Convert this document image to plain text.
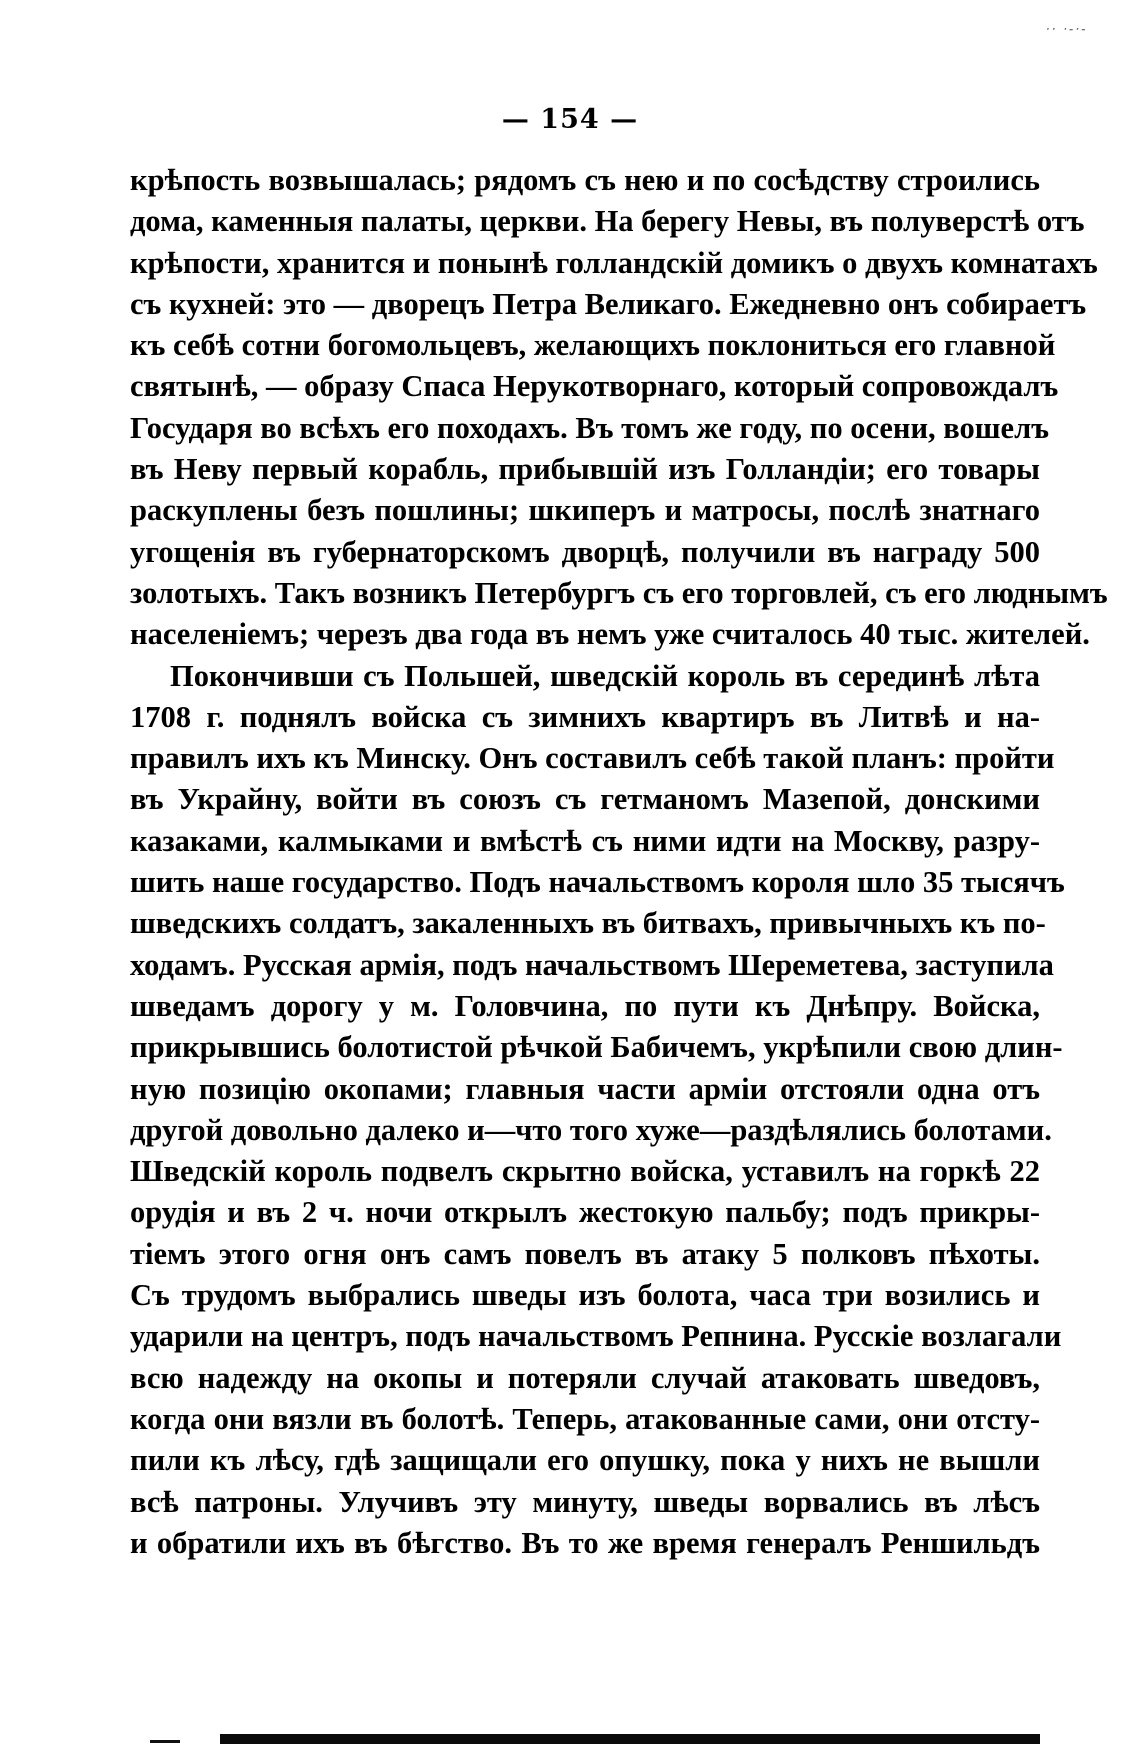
·· ·‑·‑
— 154 —
крѣпость возвышалась; рядомъ съ нею и по сосѣдству строились
дома, каменныя палаты, церкви. На берегу Невы, въ полуверстѣ отъ
крѣпости, хранится и понынѣ голландскій домикъ о двухъ комнатахъ
съ кухней: это — дворецъ Петра Великаго. Ежедневно онъ собираетъ
къ себѣ сотни богомольцевъ, желающихъ поклониться его главной
святынѣ, — образу Спаса Нерукотворнаго, который сопровождалъ
Государя во всѣхъ его походахъ. Въ томъ же году, по осени, вошелъ
въ Неву первый корабль, прибывшій изъ Голландіи; его товары
раскуплены безъ пошлины; шкиперъ и матросы, послѣ знатнаго
угощенія въ губернаторскомъ дворцѣ, получили въ награду 500
золотыхъ. Такъ возникъ Петербургъ съ его торговлей, съ его люднымъ
населеніемъ; черезъ два года въ немъ уже считалось 40 тыс. жителей.
Покончивши съ Польшей, шведскій король въ серединѣ лѣта
1708 г. поднялъ войска съ зимнихъ квартиръ въ Литвѣ и на-
правилъ ихъ къ Минску. Онъ составилъ себѣ такой планъ: пройти
въ Украйну, войти въ союзъ съ гетманомъ Мазепой, донскими
казаками, калмыками и вмѣстѣ съ ними идти на Москву, разру-
шить наше государство. Подъ начальствомъ короля шло 35 тысячъ
шведскихъ солдатъ, закаленныхъ въ битвахъ, привычныхъ къ по-
ходамъ. Русская армія, подъ начальствомъ Шереметева, заступила
шведамъ дорогу у м. Головчина, по пути къ Днѣпру. Войска,
прикрывшись болотистой рѣчкой Бабичемъ, укрѣпили свою длин-
ную позицію окопами; главныя части арміи отстояли одна отъ
другой довольно далеко и—что того хуже—раздѣлялись болотами.
Шведскій король подвелъ скрытно войска, уставилъ на горкѣ 22
орудія и въ 2 ч. ночи открылъ жестокую пальбу; подъ прикры-
тіемъ этого огня онъ самъ повелъ въ атаку 5 полковъ пѣхоты.
Съ трудомъ выбрались шведы изъ болота, часа три возились и
ударили на центръ, подъ начальствомъ Репнина. Русскіе возлагали
всю надежду на окопы и потеряли случай атаковать шведовъ,
когда они вязли въ болотѣ. Теперь, атакованные сами, они отсту-
пили къ лѣсу, гдѣ защищали его опушку, пока у нихъ не вышли
всѣ патроны. Улучивъ эту минуту, шведы ворвались въ лѣсъ
и обратили ихъ въ бѣгство. Въ то же время генералъ Реншильдъ
